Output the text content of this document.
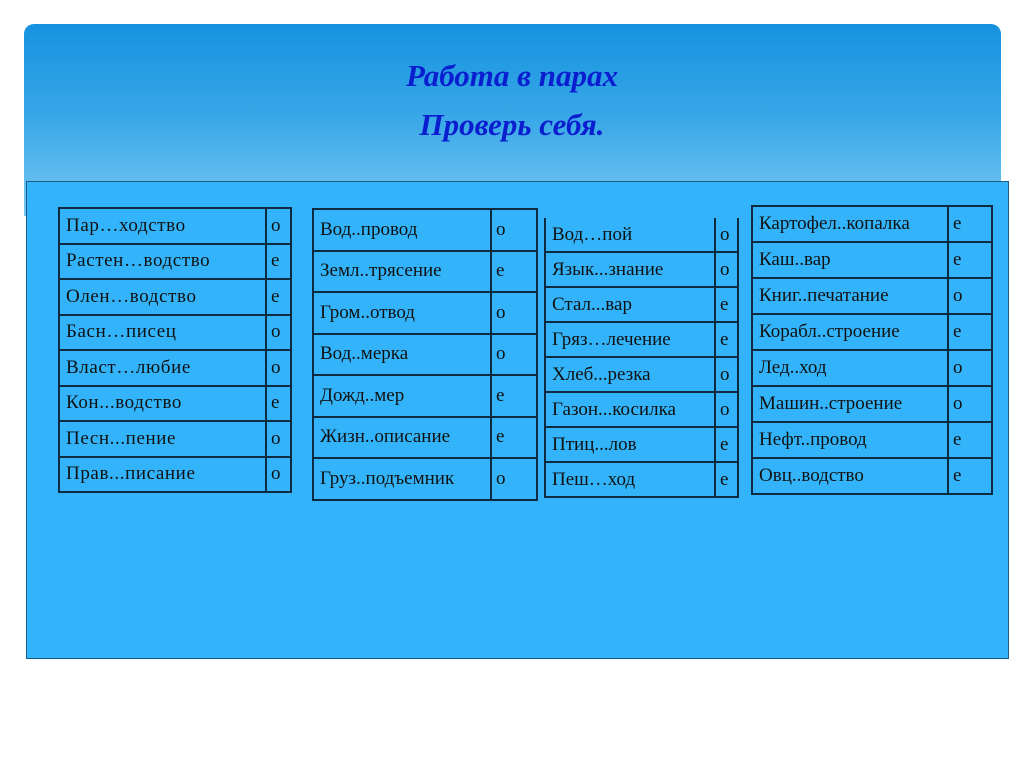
Работа в парах
Проверь себя.
Пар…ходство	о
Растен…водство	е
Олен…водство	е
Басн…писец	о
Власт…любие	о
Кон...водство	е
Песн...пение	о
Прав...писание	о
Вод..провод	о
Земл..трясение	е
Гром..отвод	о
Вод..мерка	о
Дожд..мер	е
Жизн..описание	е
Груз..подъемник	о
Вод…пой	о
Язык...знание	о
Стал...вар	е
Гряз…лечение	е
Хлеб...резка	о
Газон...косилка	о
Птиц...лов	е
Пеш…ход	е
Картофел..копалка	е
Каш..вар	е
Книг..печатание	о
Корабл..строение	е
Лед..ход	о
Машин..строение	о
Нефт..провод	е
Овц..водство	е
